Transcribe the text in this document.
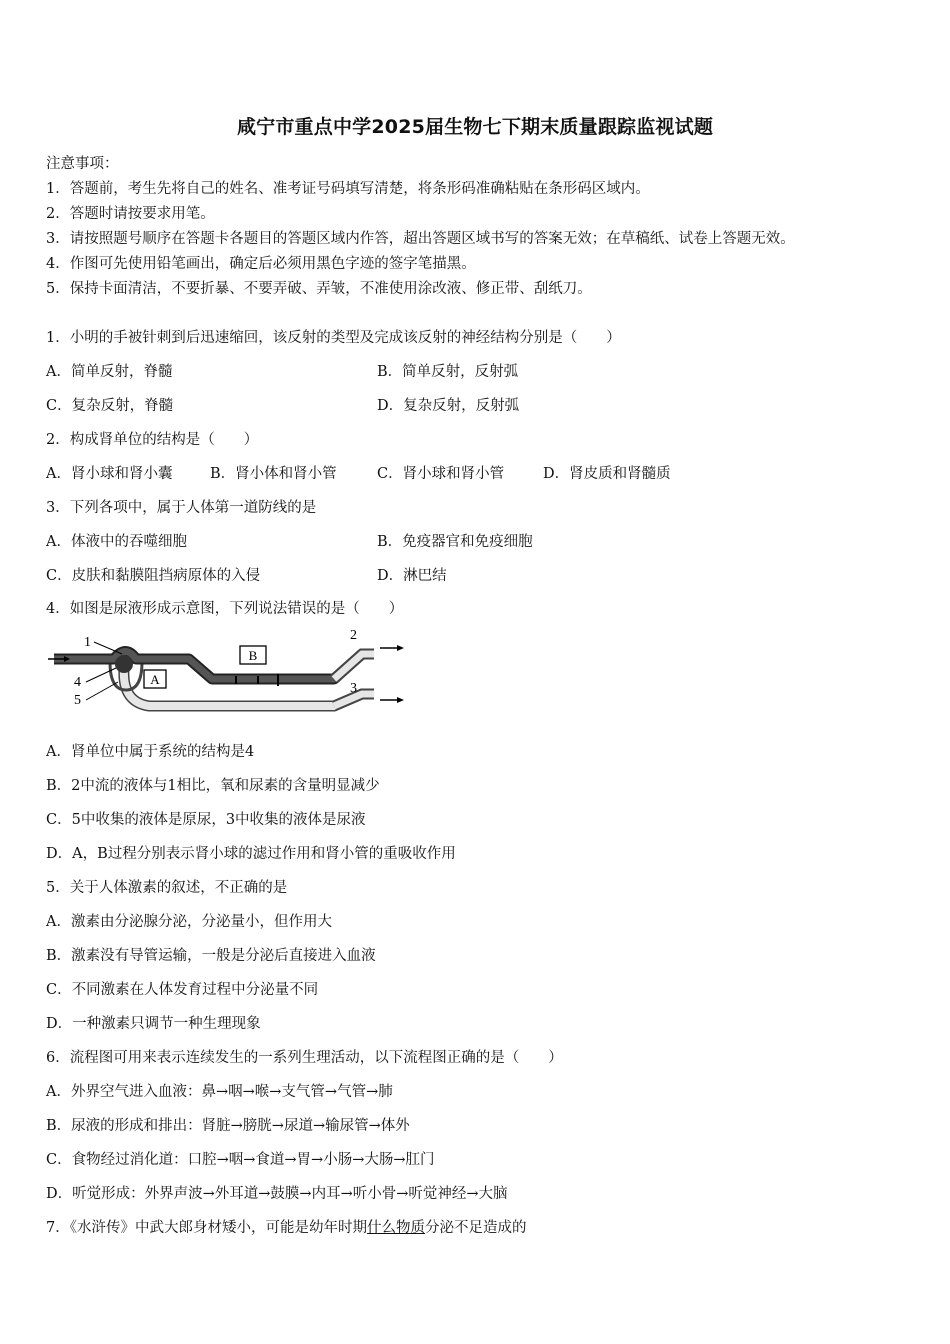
咸宁市重点中学2025届生物七下期末质量跟踪监视试题
注意事项：
1．答题前，考生先将自己的姓名、准考证号码填写清楚，将条形码准确粘贴在条形码区域内。
2．答题时请按要求用笔。
3．请按照题号顺序在答题卡各题目的答题区域内作答，超出答题区域书写的答案无效；在草稿纸、试卷上答题无效。
4．作图可先使用铅笔画出，确定后必须用黑色字迹的签字笔描黑。
5．保持卡面清洁，不要折暴、不要弄破、弄皱，不准使用涂改液、修正带、刮纸刀。
1．小明的手被针刺到后迅速缩回，该反射的类型及完成该反射的神经结构分别是（　　）
A．简单反射，脊髓	B．简单反射，反射弧
C．复杂反射，脊髓	D．复杂反射，反射弧
2．构成肾单位的结构是（　　）
A．肾小球和肾小囊	B．肾小体和肾小管	C．肾小球和肾小管	D．肾皮质和肾髓质
3．下列各项中，属于人体第一道防线的是
A．体液中的吞噬细胞	B．免疫器官和免疫细胞
C．皮肤和黏膜阻挡病原体的入侵	D．淋巴结
4．如图是尿液形成示意图，下列说法错误的是（　　）
A
B
1	2
3
4
5
A．肾单位中属于系统的结构是4
B．2中流的液体与1相比，氧和尿素的含量明显减少
C．5中收集的液体是原尿，3中收集的液体是尿液
D．A，B过程分别表示肾小球的滤过作用和肾小管的重吸收作用
5．关于人体激素的叙述，不正确的是
A．激素由分泌腺分泌，分泌量小，但作用大
B．激素没有导管运输，一般是分泌后直接进入血液
C．不同激素在人体发育过程中分泌量不同
D．一种激素只调节一种生理现象
6．流程图可用来表示连续发生的一系列生理活动，以下流程图正确的是（　　）
A．外界空气进入血液：鼻→咽→喉→支气管→气管→肺
B．尿液的形成和排出：肾脏→膀胱→尿道→输尿管→体外
C．食物经过消化道：口腔→咽→食道→胃→小肠→大肠→肛门
D．听觉形成：外界声波→外耳道→鼓膜→内耳→听小骨→听觉神经→大脑
7．《水浒传》中武大郎身材矮小，可能是幼年时期什么物质分泌不足造成的
